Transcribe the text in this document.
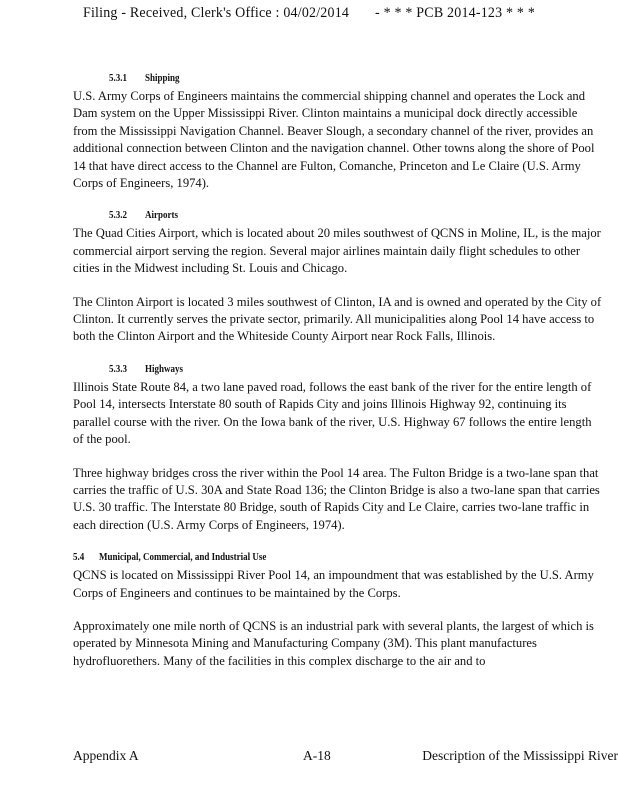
Filing - Received, Clerk's Office : 04/02/2014 - * * * PCB 2014-123 * * *
5.3.1 Shipping

U.S. Army Corps of Engineers maintains the commercial shipping channel and operates the Lock and Dam system on the Upper Mississippi River. Clinton maintains a municipal dock directly accessible from the Mississippi Navigation Channel. Beaver Slough, a secondary channel of the river, provides an additional connection between Clinton and the navigation channel. Other towns along the shore of Pool 14 that have direct access to the Channel are Fulton, Comanche, Princeton and Le Claire (U.S. Army Corps of Engineers, 1974).

5.3.2 Airports

The Quad Cities Airport, which is located about 20 miles southwest of QCNS in Moline, IL, is the major commercial airport serving the region. Several major airlines maintain daily flight schedules to other cities in the Midwest including St. Louis and Chicago.

The Clinton Airport is located 3 miles southwest of Clinton, IA and is owned and operated by the City of Clinton. It currently serves the private sector, primarily. All municipalities along Pool 14 have access to both the Clinton Airport and the Whiteside County Airport near Rock Falls, Illinois.

5.3.3 Highways

Illinois State Route 84, a two lane paved road, follows the east bank of the river for the entire length of Pool 14, intersects Interstate 80 south of Rapids City and joins Illinois Highway 92, continuing its parallel course with the river. On the Iowa bank of the river, U.S. Highway 67 follows the entire length of the pool.

Three highway bridges cross the river within the Pool 14 area. The Fulton Bridge is a two-lane span that carries the traffic of U.S. 30A and State Road 136; the Clinton Bridge is also a two-lane span that carries U.S. 30 traffic. The Interstate 80 Bridge, south of Rapids City and Le Claire, carries two-lane traffic in each direction (U.S. Army Corps of Engineers, 1974).

5.4 Municipal, Commercial, and Industrial Use

QCNS is located on Mississippi River Pool 14, an impoundment that was established by the U.S. Army Corps of Engineers and continues to be maintained by the Corps.

Approximately one mile north of QCNS is an industrial park with several plants, the largest of which is operated by Minnesota Mining and Manufacturing Company (3M). This plant manufactures hydrofluorethers. Many of the facilities in this complex discharge to the air and to

Appendix A	A-18	Description of the Mississippi River
